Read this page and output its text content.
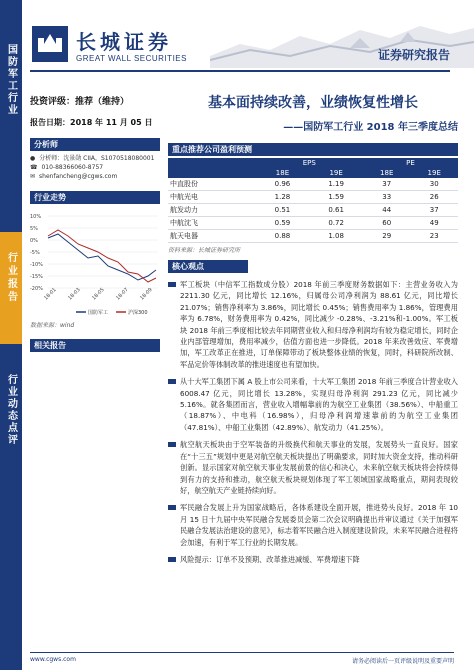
国防军工行业
行业报告
行业动态点评
长城证券
GREAT WALL SECURITIES	证券研究报告
投资评级：推荐（维持）
报告日期：2018 年 11 月 05 日
分析师
● 分析师：沈景勋 CIIA，S1070518080001
☎ 010-88366060-8757
✉ shenfancheng@cgws.com
行业走势
10%
5%
0%
-5%
-10%
-15%
-20% 18-01 18-03 18-05 18-07 18-09
国防军工	沪深300
数据来源：wind
相关报告
基本面持续改善，业绩恢复性增长
——国防军工行业 2018 年三季度总结
重点推荐公司盈利预测
	EPS		PE	
	18E	19E	18E	19E
中直股份	0.96	1.19	37	30
中航光电	1.28	1.59	33	26
航发动力	0.51	0.61	44	37
中航沈飞	0.59	0.72	60	49
航天电器	0.88	1.08	29	23
资料来源：长城证券研究所
核心观点
军工板块（中信军工指数成分股）2018 年前三季度财务数据如下：主营业务收入为 2211.30 亿元，同比增长 12.16%，归属母公司净利润为 88.61 亿元，同比增长 21.07%；销售净利率为 3.86%，同比增长 0.45%；销售费用率为 1.86%，管理费用率为 6.78%，财务费用率为 0.42%，同比减少 -0.28%、-3.21%和-1.00%。军工板块 2018 年前三季度相比较去年同期营业收入和归母净利润均有较为稳定增长，同时企业内部管理增加，费用率减少，估值方面也进一步降低。2018 年来改善效应、军费增加，军工改革正在推进，订单保障带动了板块整体业绩的恢复，同时，科研院所改制、军品定价等体制改革的推进速度也有望加快。
从十大军工集团下属 A 股上市公司来看，十大军工集团 2018 年前三季度合计营业收入 6008.47 亿元，同比增长 13.28%，实现归母净利润 291.23 亿元，同比减少 5.16%。就各集团而言，营业收入增幅靠前的为航空工业集团（38.56%）、中船重工（18.87%）、中电科（16.98%），归母净利润增速靠前的为航空工业集团（47.81%）、中船工业集团（42.89%）、航发动力（41.25%）。
航空航天板块由于空军装备的升级换代和航天事业的发展，发展势头一直良好。国家在“十三五”规划中更是对航空航天板块提出了明确要求，同时加大资金支持，推动科研创新。显示国家对航空航天事业发展前景的信心和决心，未来航空航天板块将会持续得到有力的支持和推动，航空航天板块规划体现了军工领域国家战略重点，期间表现较好，航空航天产业链持续向好。
军民融合发展上升为国家战略后，各体系建设全面开展，推进势头良好。2018 年 10 月 15 日十九届中央军民融合发展委员会第二次会议明确提出并审议通过《关于加强军民融合发展法治建设的意见》，标志着军民融合进入制度建设阶段，未来军民融合进程将会加速，有利于军工行业的长期发展。
风险提示：订单不及预期、改革推进减缓、军费增速下降
www.cgws.com	请务必阅读后一页评级说明及重要声明
